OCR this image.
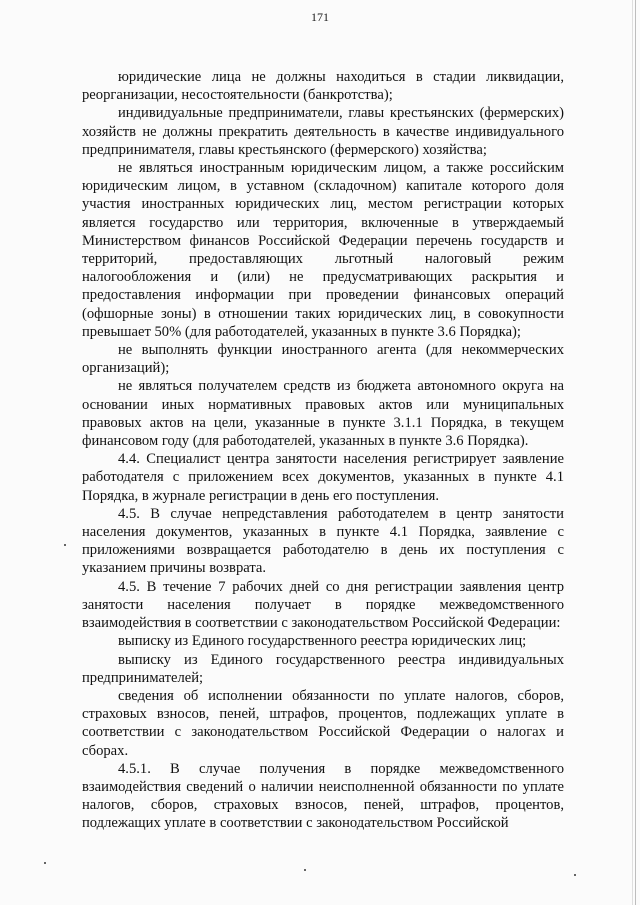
171

юридические лица не должны находиться в стадии ликвидации, реорганизации, несостоятельности (банкротства);

индивидуальные предприниматели, главы крестьянских (фермерских) хозяйств не должны прекратить деятельность в качестве индивидуального предпринимателя, главы крестьянского (фермерского) хозяйства;

не являться иностранным юридическим лицом, а также российским юридическим лицом, в уставном (складочном) капитале которого доля участия иностранных юридических лиц, местом регистрации которых является государство или территория, включенные в утверждаемый Министерством финансов Российской Федерации перечень государств и территорий, предоставляющих льготный налоговый режим налогообложения и (или) не предусматривающих раскрытия и предоставления информации при проведении финансовых операций (офшорные зоны) в отношении таких юридических лиц, в совокупности превышает 50% (для работодателей, указанных в пункте 3.6 Порядка);

не выполнять функции иностранного агента (для некоммерческих организаций);

не являться получателем средств из бюджета автономного округа на основании иных нормативных правовых актов или муниципальных правовых актов на цели, указанные в пункте 3.1.1 Порядка, в текущем финансовом году (для работодателей, указанных в пункте 3.6 Порядка).

4.4. Специалист центра занятости населения регистрирует заявление работодателя с приложением всех документов, указанных в пункте 4.1 Порядка, в журнале регистрации в день его поступления.

4.5. В случае непредставления работодателем в центр занятости населения документов, указанных в пункте 4.1 Порядка, заявление с приложениями возвращается работодателю в день их поступления с указанием причины возврата.

4.5. В течение 7 рабочих дней со дня регистрации заявления центр занятости населения получает в порядке межведомственного взаимодействия в соответствии с законодательством Российской Федерации:

выписку из Единого государственного реестра юридических лиц;

выписку из Единого государственного реестра индивидуальных предпринимателей;

сведения об исполнении обязанности по уплате налогов, сборов, страховых взносов, пеней, штрафов, процентов, подлежащих уплате в соответствии с законодательством Российской Федерации о налогах и сборах.

4.5.1. В случае получения в порядке межведомственного взаимодействия сведений о наличии неисполненной обязанности по уплате налогов, сборов, страховых взносов, пеней, штрафов, процентов, подлежащих уплате в соответствии с законодательством Российской
